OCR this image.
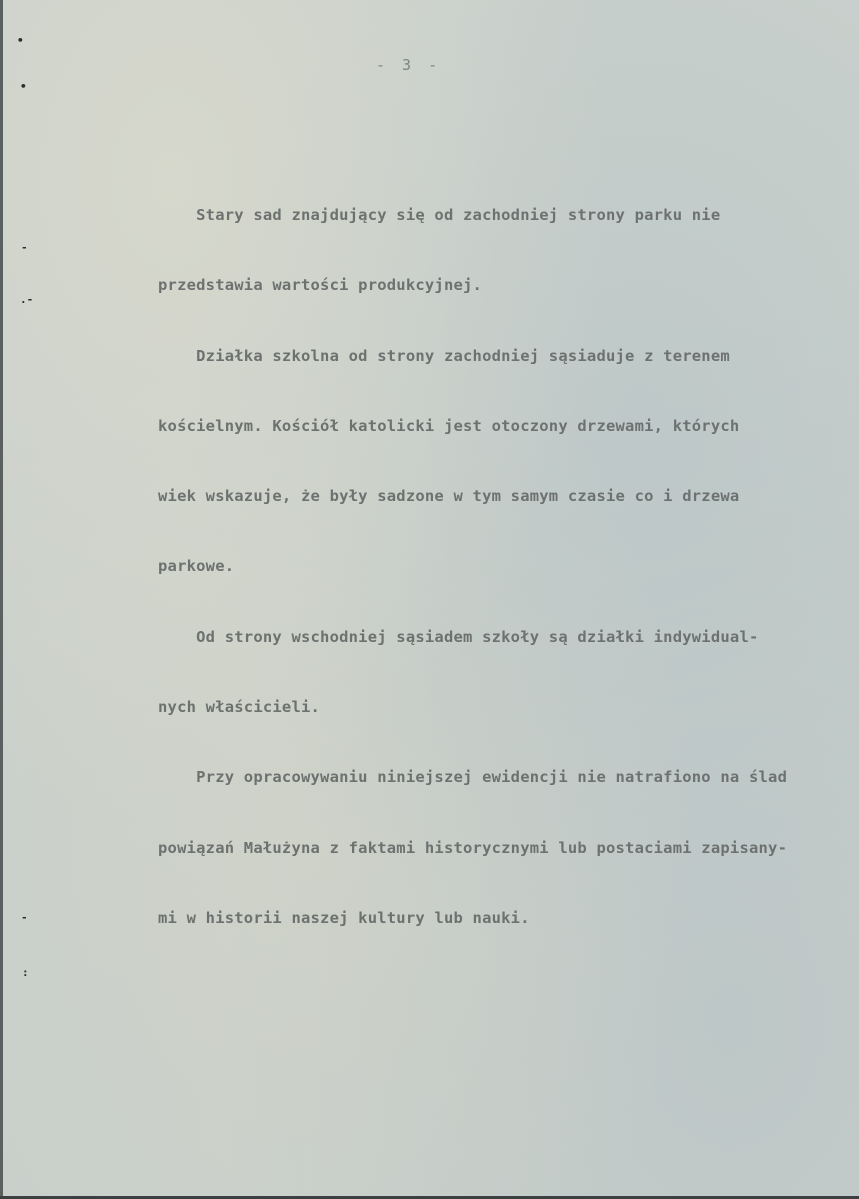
•
•
-
.-
-
:
- 3 -

Stary sad znajdujący się od zachodniej strony parku nie

przedstawia wartości produkcyjnej.

Działka szkolna od strony zachodniej sąsiaduje z terenem

kościelnym. Kościół katolicki jest otoczony drzewami, których

wiek wskazuje, że były sadzone w tym samym czasie co i drzewa

parkowe.

Od strony wschodniej sąsiadem szkoły są działki indywidual-

nych właścicieli.

Przy opracowywaniu niniejszej ewidencji nie natrafiono na ślad

powiązań Małużyna z faktami historycznymi lub postaciami zapisany-

mi w historii naszej kultury lub nauki.
